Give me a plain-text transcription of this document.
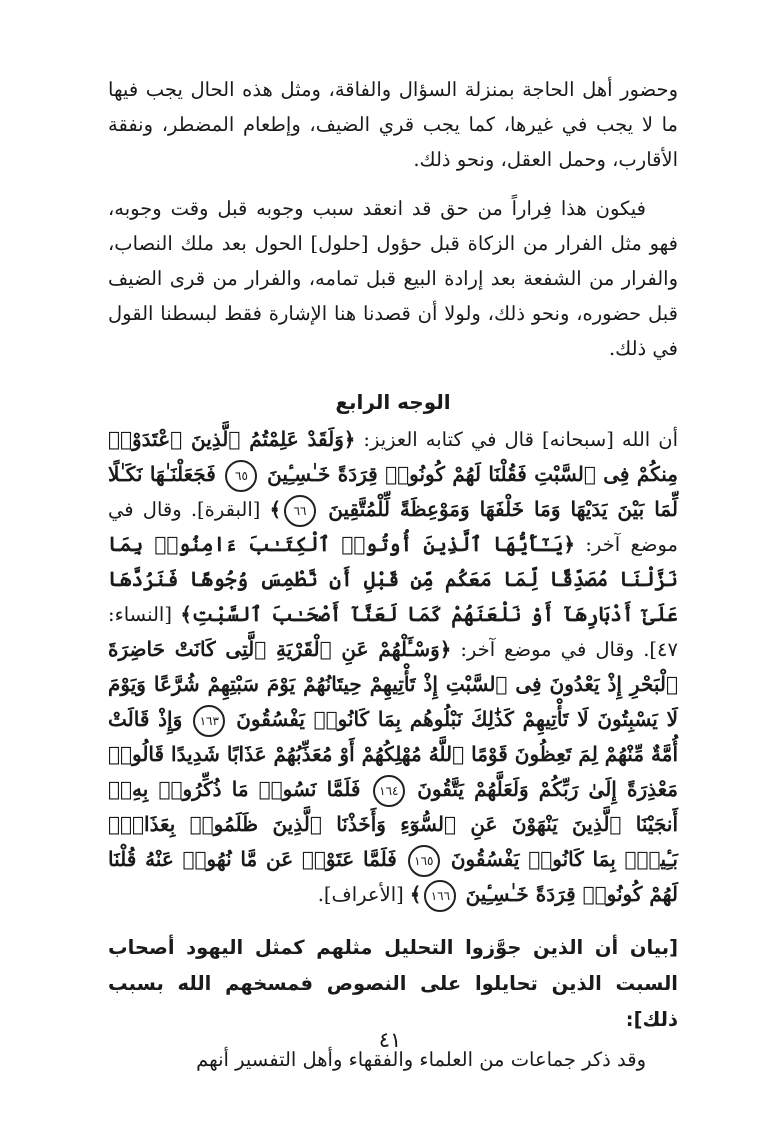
وحضور أهل الحاجة بمنزلة السؤال والفاقة، ومثل هذه الحال يجب فيها ما لا يجب في غيرها، كما يجب قري الضيف، وإطعام المضطر، ونفقة الأقارب، وحمل العقل، ونحو ذلك.

فيكون هذا فِراراً من حق قد انعقد سبب وجوبه قبل وقت وجوبه، فهو مثل الفرار من الزكاة قبل حؤول [حلول] الحول بعد ملك النصاب، والفرار من الشفعة بعد إرادة البيع قبل تمامه، والفرار من قرى الضيف قبل حضوره، ونحو ذلك، ولولا أن قصدنا هنا الإشارة فقط لبسطنا القول في ذلك.

الوجه الرابع

أن الله [سبحانه] قال في كتابه العزيز: ﴿وَلَقَدْ عَلِمْتُمُ ٱلَّذِينَ ٱعْتَدَوْا۟ مِنكُمْ فِى ٱلسَّبْتِ فَقُلْنَا لَهُمْ كُونُوا۟ قِرَدَةً خَـٰسِـِٔينَ ٦٥ فَجَعَلْنَـٰهَا نَكَـٰلًا لِّمَا بَيْنَ يَدَيْهَا وَمَا خَلْفَهَا وَمَوْعِظَةً لِّلْمُتَّقِينَ ٦٦﴾ [البقرة]. وقال في موضع آخر: ﴿يَـٰٓأَيُّهَا ٱلَّذِينَ أُوتُوا۟ ٱلْكِتَـٰبَ ءَامِنُوا۟ بِمَا نَزَّلْنَا مُصَدِّقًا لِّمَا مَعَكُم مِّن قَبْلِ أَن نَّطْمِسَ وُجُوهًا فَنَرُدَّهَا عَلَىٰٓ أَدْبَارِهَآ أَوْ نَلْعَنَهُمْ كَمَا لَعَنَّآ أَصْحَـٰبَ ٱلسَّبْتِ﴾ [النساء: ٤٧]. وقال في موضع آخر: ﴿وَسْـَٔلْهُمْ عَنِ ٱلْقَرْيَةِ ٱلَّتِى كَانَتْ حَاضِرَةَ ٱلْبَحْرِ إِذْ يَعْدُونَ فِى ٱلسَّبْتِ إِذْ تَأْتِيهِمْ حِيتَانُهُمْ يَوْمَ سَبْتِهِمْ شُرَّعًا وَيَوْمَ لَا يَسْبِتُونَ لَا تَأْتِيهِمْ كَذَٰلِكَ نَبْلُوهُم بِمَا كَانُوا۟ يَفْسُقُونَ ١٦٣ وَإِذْ قَالَتْ أُمَّةٌ مِّنْهُمْ لِمَ تَعِظُونَ قَوْمًا ٱللَّهُ مُهْلِكُهُمْ أَوْ مُعَذِّبُهُمْ عَذَابًا شَدِيدًا قَالُوا۟ مَعْذِرَةً إِلَىٰ رَبِّكُمْ وَلَعَلَّهُمْ يَتَّقُونَ ١٦٤ فَلَمَّا نَسُوا۟ مَا ذُكِّرُوا۟ بِهِۦٓ أَنجَيْنَا ٱلَّذِينَ يَنْهَوْنَ عَنِ ٱلسُّوٓءِ وَأَخَذْنَا ٱلَّذِينَ ظَلَمُوا۟ بِعَذَابٍۭ بَـِٔيسٍۭ بِمَا كَانُوا۟ يَفْسُقُونَ ١٦٥ فَلَمَّا عَتَوْا۟ عَن مَّا نُهُوا۟ عَنْهُ قُلْنَا لَهُمْ كُونُوا۟ قِرَدَةً خَـٰسِـِٔينَ ١٦٦﴾ [الأعراف].

[بيان أن الذين جوَّزوا التحليل مثلهم كمثل اليهود أصحاب السبت الذين تحايلوا على النصوص فمسخهم الله بسبب ذلك]:

وقد ذكر جماعات من العلماء والفقهاء وأهل التفسير أنهم

٤١
